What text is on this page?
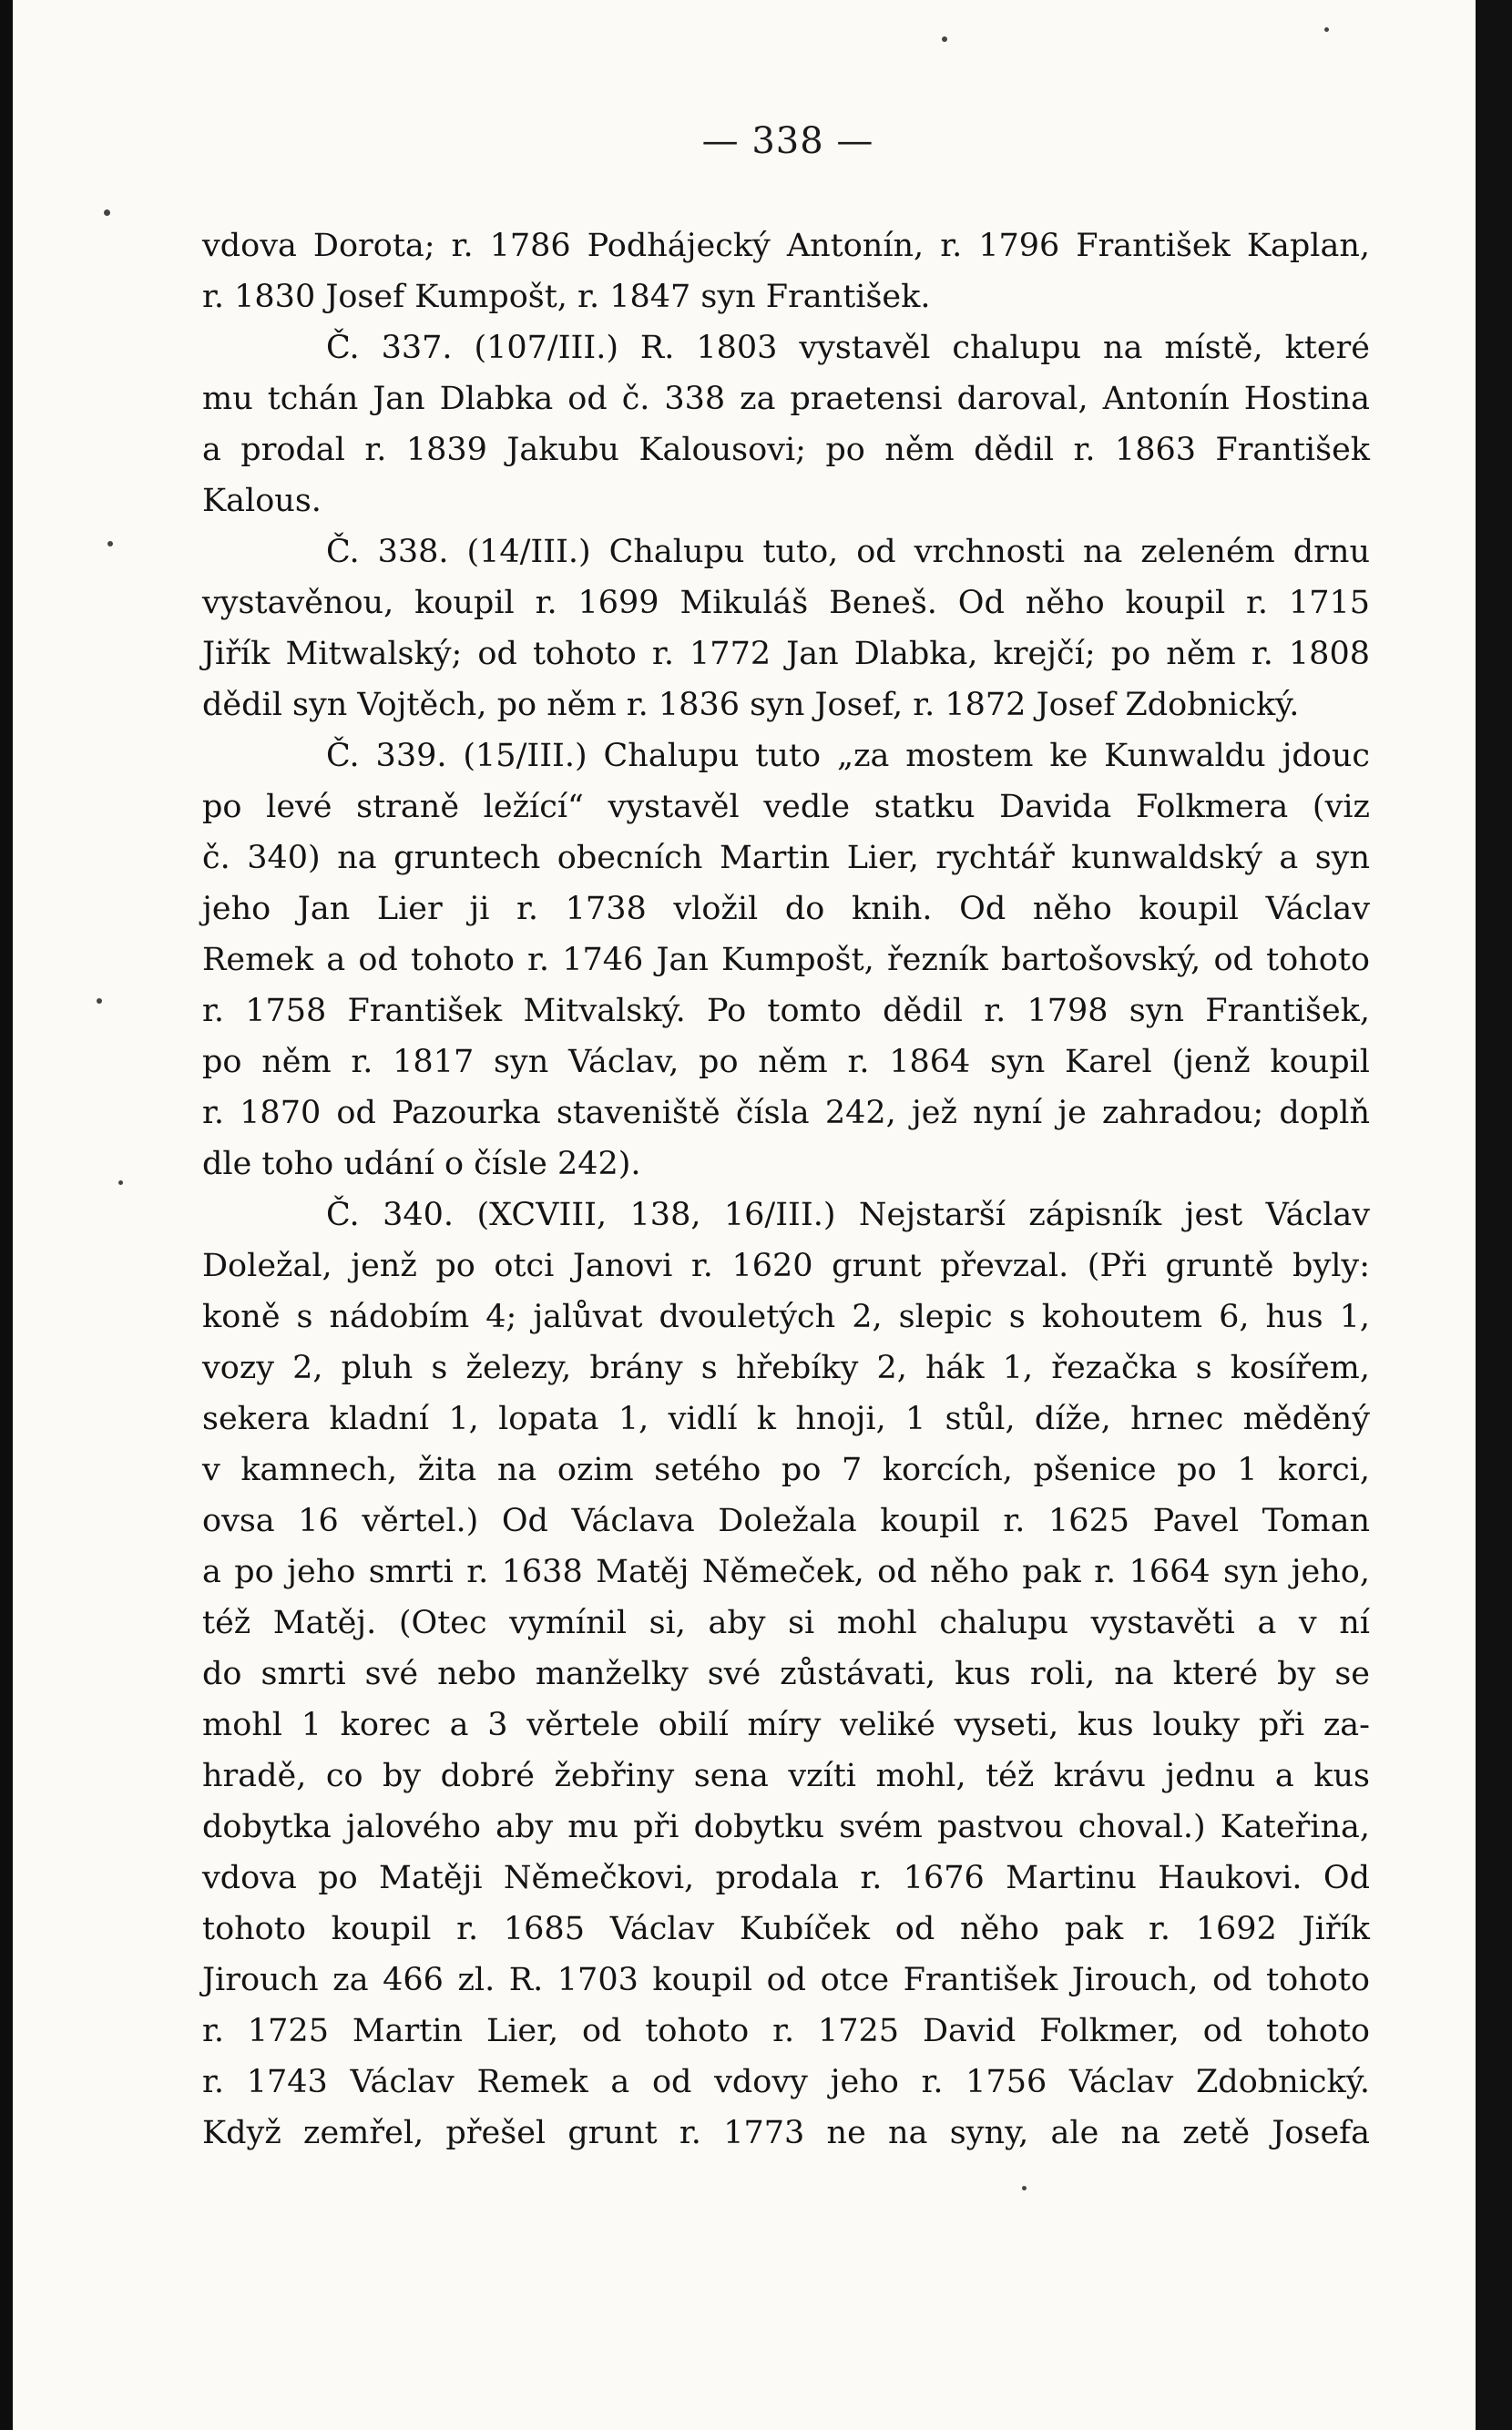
— 338 —
vdova Dorota; r. 1786 Podhájecký Antonín, r. 1796 František Kaplan,
r. 1830 Josef Kumpošt, r. 1847 syn František.
Č. 337. (107/III.) R. 1803 vystavěl chalupu na místě, které
mu tchán Jan Dlabka od č. 338 za praetensi daroval, Antonín Hostina
a prodal r. 1839 Jakubu Kalousovi; po něm dědil r. 1863 František
Kalous.
Č. 338. (14/III.) Chalupu tuto, od vrchnosti na zeleném drnu
vystavěnou, koupil r. 1699 Mikuláš Beneš. Od něho koupil r. 1715
Jiřík Mitwalský; od tohoto r. 1772 Jan Dlabka, krejčí; po něm r. 1808
dědil syn Vojtěch, po něm r. 1836 syn Josef, r. 1872 Josef Zdobnický.
Č. 339. (15/III.) Chalupu tuto „za mostem ke Kunwaldu jdouc
po levé straně ležící“ vystavěl vedle statku Davida Folkmera (viz
č. 340) na gruntech obecních Martin Lier, rychtář kunwaldský a syn
jeho Jan Lier ji r. 1738 vložil do knih. Od něho koupil Václav
Remek a od tohoto r. 1746 Jan Kumpošt, řezník bartošovský, od tohoto
r. 1758 František Mitvalský. Po tomto dědil r. 1798 syn František,
po něm r. 1817 syn Václav, po něm r. 1864 syn Karel (jenž koupil
r. 1870 od Pazourka staveniště čísla 242, jež nyní je zahradou; doplň
dle toho udání o čísle 242).
Č. 340. (XCVIII, 138, 16/III.) Nejstarší zápisník jest Václav
Doležal, jenž po otci Janovi r. 1620 grunt převzal. (Při gruntě byly:
koně s nádobím 4; jalůvat dvouletých 2, slepic s kohoutem 6, hus 1,
vozy 2, pluh s železy, brány s hřebíky 2, hák 1, řezačka s kosířem,
sekera kladní 1, lopata 1, vidlí k hnoji, 1 stůl, díže, hrnec měděný
v kamnech, žita na ozim setého po 7 korcích, pšenice po 1 korci,
ovsa 16 věrtel.) Od Václava Doležala koupil r. 1625 Pavel Toman
a po jeho smrti r. 1638 Matěj Němeček, od něho pak r. 1664 syn jeho,
též Matěj. (Otec vymínil si, aby si mohl chalupu vystavěti a v ní
do smrti své nebo manželky své zůstávati, kus roli, na které by se
mohl 1 korec a 3 věrtele obilí míry veliké vyseti, kus louky při za-
hradě, co by dobré žebřiny sena vzíti mohl, též krávu jednu a kus
dobytka jalového aby mu při dobytku svém pastvou choval.) Kateřina,
vdova po Matěji Němečkovi, prodala r. 1676 Martinu Haukovi. Od
tohoto koupil r. 1685 Václav Kubíček od něho pak r. 1692 Jiřík
Jirouch za 466 zl. R. 1703 koupil od otce František Jirouch, od tohoto
r. 1725 Martin Lier, od tohoto r. 1725 David Folkmer, od tohoto
r. 1743 Václav Remek a od vdovy jeho r. 1756 Václav Zdobnický.
Když zemřel, přešel grunt r. 1773 ne na syny, ale na zetě Josefa
